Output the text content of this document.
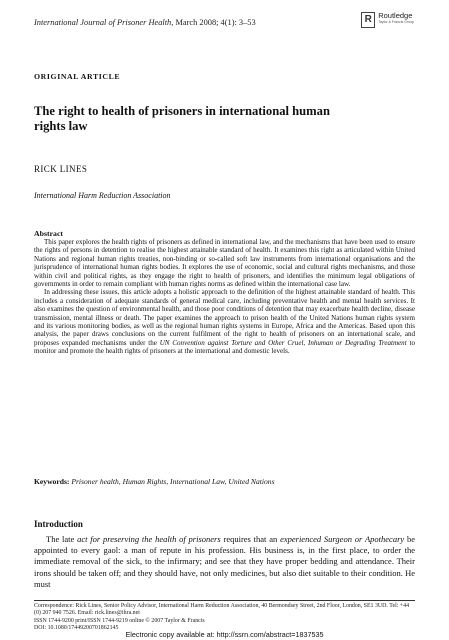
International Journal of Prisoner Health, March 2008; 4(1): 3–53	R Routledge
Taylor & Francis Group
ORIGINAL ARTICLE
The right to health of prisoners in international human rights law
RICK LINES
International Harm Reduction Association
Abstract

This paper explores the health rights of prisoners as defined in international law, and the mechanisms that have been used to ensure the rights of persons in detention to realise the highest attainable standard of health. It examines this right as articulated within United Nations and regional human rights treaties, non-binding or so-called soft law instruments from international organisations and the jurisprudence of international human rights bodies. It explores the use of economic, social and cultural rights mechanisms, and those within civil and political rights, as they engage the right to health of prisoners, and identifies the minimum legal obligations of governments in order to remain compliant with human rights norms as defined within the international case law.

In addressing these issues, this article adopts a holistic approach to the definition of the highest attainable standard of health. This includes a consideration of adequate standards of general medical care, including preventative health and mental health services. It also examines the question of environmental health, and those poor conditions of detention that may exacerbate health decline, disease transmission, mental illness or death. The paper examines the approach to prison health of the United Nations human rights system and its various monitoring bodies, as well as the regional human rights systems in Europe, Africa and the Americas. Based upon this analysis, the paper draws conclusions on the current fulfilment of the right to health of prisoners on an international scale, and proposes expanded mechanisms under the UN Convention against Torture and Other Cruel, Inhuman or Degrading Treatment to monitor and promote the health rights of prisoners at the international and domestic levels.

Keywords: Prisoner health, Human Rights, International Law, United Nations
Introduction

The late act for preserving the health of prisoners requires that an experienced Surgeon or Apothecary be appointed to every gaol: a man of repute in his profession. His business is, in the first place, to order the immediate removal of the sick, to the infirmary; and see that they have proper bedding and attendance. Their irons should be taken off; and they should have, not only medicines, but also diet suitable to their condition. He must

Correspondence: Rick Lines, Senior Policy Advisor, International Harm Reduction Association, 40 Bermondsey Street, 2nd Floor, London, SE1 3UD. Tel: +44 (0) 207 940 7526. Email: rick.lines@ihra.net
ISSN 1744-9200 print/ISSN 1744-9219 online © 2007 Taylor & Francis
DOI: 10.1080/17449200701862145
Electronic copy available at: http://ssrn.com/abstract=1837535
